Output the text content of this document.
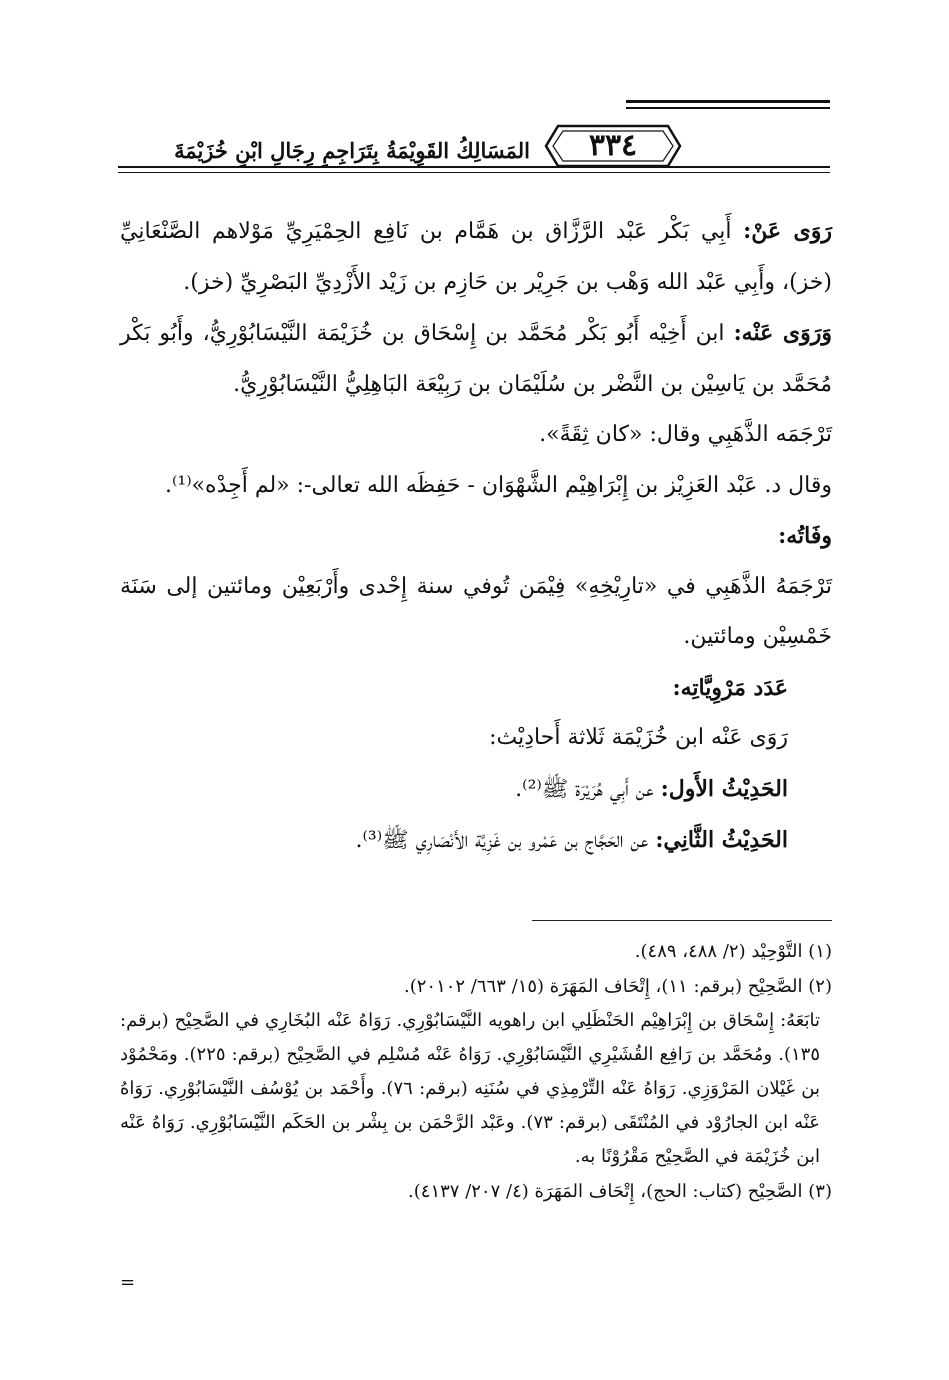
٣٣٤
المَسَالِكُ القَوِيْمَةُ بِتَرَاجِمِ رِجَالِ ابْنِ خُزَيْمَةَ

رَوَى عَنْ: أَبِي بَكْر عَبْد الرَّزَّاق بن هَمَّام بن نَافِع الحِمْيَرِيِّ مَوْلاهم الصَّنْعَانِيِّ (خز)، وأَبِي عَبْد الله وَهْب بن جَرِيْر بن حَازِم بن زَيْد الأَزْدِيِّ البَصْرِيِّ (خز).

وَرَوَى عَنْه: ابن أَخِيْه أَبُو بَكْر مُحَمَّد بن إِسْحَاق بن خُزَيْمَة النَّيْسَابُوْرِيُّ، وأَبُو بَكْر مُحَمَّد بن يَاسِيْن بن النَّضْر بن سُلَيْمَان بن رَبِيْعَة البَاهِلِيُّ النَّيْسَابُوْرِيُّ.

تَرْجَمَه الذَّهَبِي وقال: «كان ثِقَةً».

وقال د. عَبْد العَزِيْز بن إِبْرَاهِيْم الشَّهْوَان - حَفِظَه الله تعالى-: «لم أَجِدْه»⁽¹⁾.

وفَاتُه:

تَرْجَمَهُ الذَّهَبِي في «تارِيْخِهِ» فِيْمَن تُوفي سنة إِحْدى وأَرْبَعِيْن ومائتين إلى سَنَة خَمْسِيْن ومائتين.

عَدَد مَرْوِيَّاتِه:

رَوَى عَنْه ابن خُزَيْمَة ثَلاثة أَحادِيْث:

الحَدِيْثُ الأَول: عن أَبِي هُرَيْرَة ﷺ⁽²⁾.

الحَدِيْثُ الثَّانِي: عن الحَجَّاج بن عَمْرو بن غَزِيَّة الأَنْصَارِي ﷺ⁽³⁾.

(١) التَّوْحِيْد (٢/ ٤٨٨، ٤٨٩).

(٢) الصَّحِيْح (برقم: ١١)، إِتْحَاف المَهَرَة (١٥/ ٦٦٣/ ٢٠١٠٢).

تابَعَهُ: إِسْحَاق بن إِبْرَاهِيْم الحَنْظَلِي ابن راهويه النَّيْسَابُوْرِي. رَوَاهُ عَنْه البُخَارِي في الصَّحِيْح (برقم: ١٣٥). ومُحَمَّد بن رَافِع القُشَيْرِي النَّيْسَابُوْرِي. رَوَاهُ عَنْه مُسْلِم في الصَّحِيْح (برقم: ٢٢٥). ومَحْمُوْد بن غَيْلان المَرْوَزِي. رَوَاهُ عَنْه التِّرْمِذِي في سُنَنِه (برقم: ٧٦). وأَحْمَد بن يُوْسُف النَّيْسَابُوْرِي. رَوَاهُ عَنْه ابن الجارُوْد في المُنْتَقَى (برقم: ٧٣). وعَبْد الرَّحْمَن بن بِشْر بن الحَكَم النَّيْسَابُوْرِي. رَوَاهُ عَنْه ابن خُزَيْمَة في الصَّحِيْح مَقْرُوْنًا به.

(٣) الصَّحِيْح (كتاب: الحج)، إِتْحَاف المَهَرَة (٤/ ٢٠٧/ ٤١٣٧).

=
